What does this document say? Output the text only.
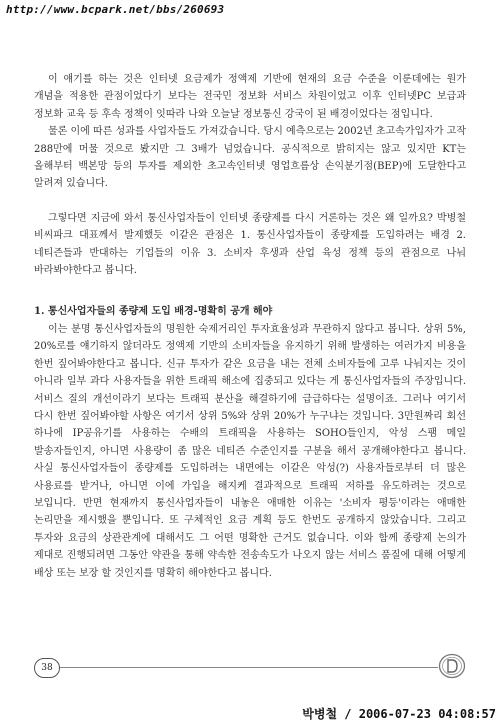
http://www.bcpark.net/bbs/260693

이 얘기를 하는 것은 인터넷 요금제가 정액제 기반에 현재의 요금 수준을 이룬데에는 원가 개념을 적용한 관점이었다기 보다는 전국민 정보화 서비스 차원이었고 이후 인터넷PC 보급과 정보화 교육 등 후속 정책이 잇따라 나와 오늘날 정보통신 강국이 된 배경이었다는 점입니다.

물론 이에 따른 성과를 사업자들도 가져갔습니다. 당시 예측으로는 2002년 초고속가입자가 고작 288만에 머물 것으로 봤지만 그 3배가 넘었습니다. 공식적으로 밝히지는 않고 있지만 KT는 올해부터 백본망 등의 투자를 제외한 초고속인터넷 영업흐름상 손익분기점(BEP)에 도달한다고 알려져 있습니다.

그렇다면 지금에 와서 통신사업자들이 인터넷 종량제를 다시 거론하는 것은 왜 일까요? 박병철 비씨파크 대표께서 발제했듯 이같은 관점은 1. 통신사업자들이 종량제를 도입하려는 배경 2. 네티즌들과 반대하는 기업들의 이유 3. 소비자 후생과 산업 육성 정책 등의 관점으로 나눠 바라봐야한다고 봅니다.

1. 통신사업자들의 종량제 도입 배경-명확히 공개 해야

이는 분명 통신사업자들의 명원한 숙제거리인 투자효율성과 무관하지 않다고 봅니다. 상위 5%, 20%로를 얘기하지 않더라도 정액제 기반의 소비자들을 유지하기 위해 발생하는 여러가지 비용을 한번 짚어봐야한다고 봅니다. 신규 투자가 같은 요금을 내는 전체 소비자들에 고루 나눠지는 것이 아니라 일부 과다 사용자들을 위한 트래픽 해소에 집중되고 있다는 게 통신사업자들의 주장입니다. 서비스 질의 개선이라기 보다는 트래픽 분산을 해결하기에 급급하다는 설명이죠. 그러나 여기서 다시 한번 짚어봐야할 사항은 여기서 상위 5%와 상위 20%가 누구냐는 것입니다. 3만원짜리 회선 하나에 IP공유기를 사용하는 수배의 트래픽을 사용하는 SOHO들인지, 악성 스팸 메일 발송자들인지, 아니면 사용량이 좀 많은 네티즌 수준인지를 구분을 해서 공개해야한다고 봅니다. 사실 통신사업자들이 종량제를 도입하려는 내면에는 이같은 악성(?) 사용자들로부터 더 많은 사용료를 받거나, 아니면 이에 가입을 해지케 결과적으로 트래픽 저하를 유도하려는 것으로 보입니다. 반면 현재까지 통신사업자들이 내놓은 애매한 이유는 '소비자 평등'이라는 애매한 논리만을 제시했을 뿐입니다. 또 구체적인 요금 계획 등도 한번도 공개하지 않았습니다. 그리고 투자와 요금의 상관관계에 대해서도 그 어떤 명확한 근거도 없습니다. 이와 함께 종량제 논의가 제대로 진행되려면 그동안 약관을 통해 약속한 전송속도가 나오지 않는 서비스 품질에 대해 어떻게 배상 또는 보장 할 것인지를 명확히 해야한다고 봅니다.

38
박병철 / 2006-07-23 04:08:57
